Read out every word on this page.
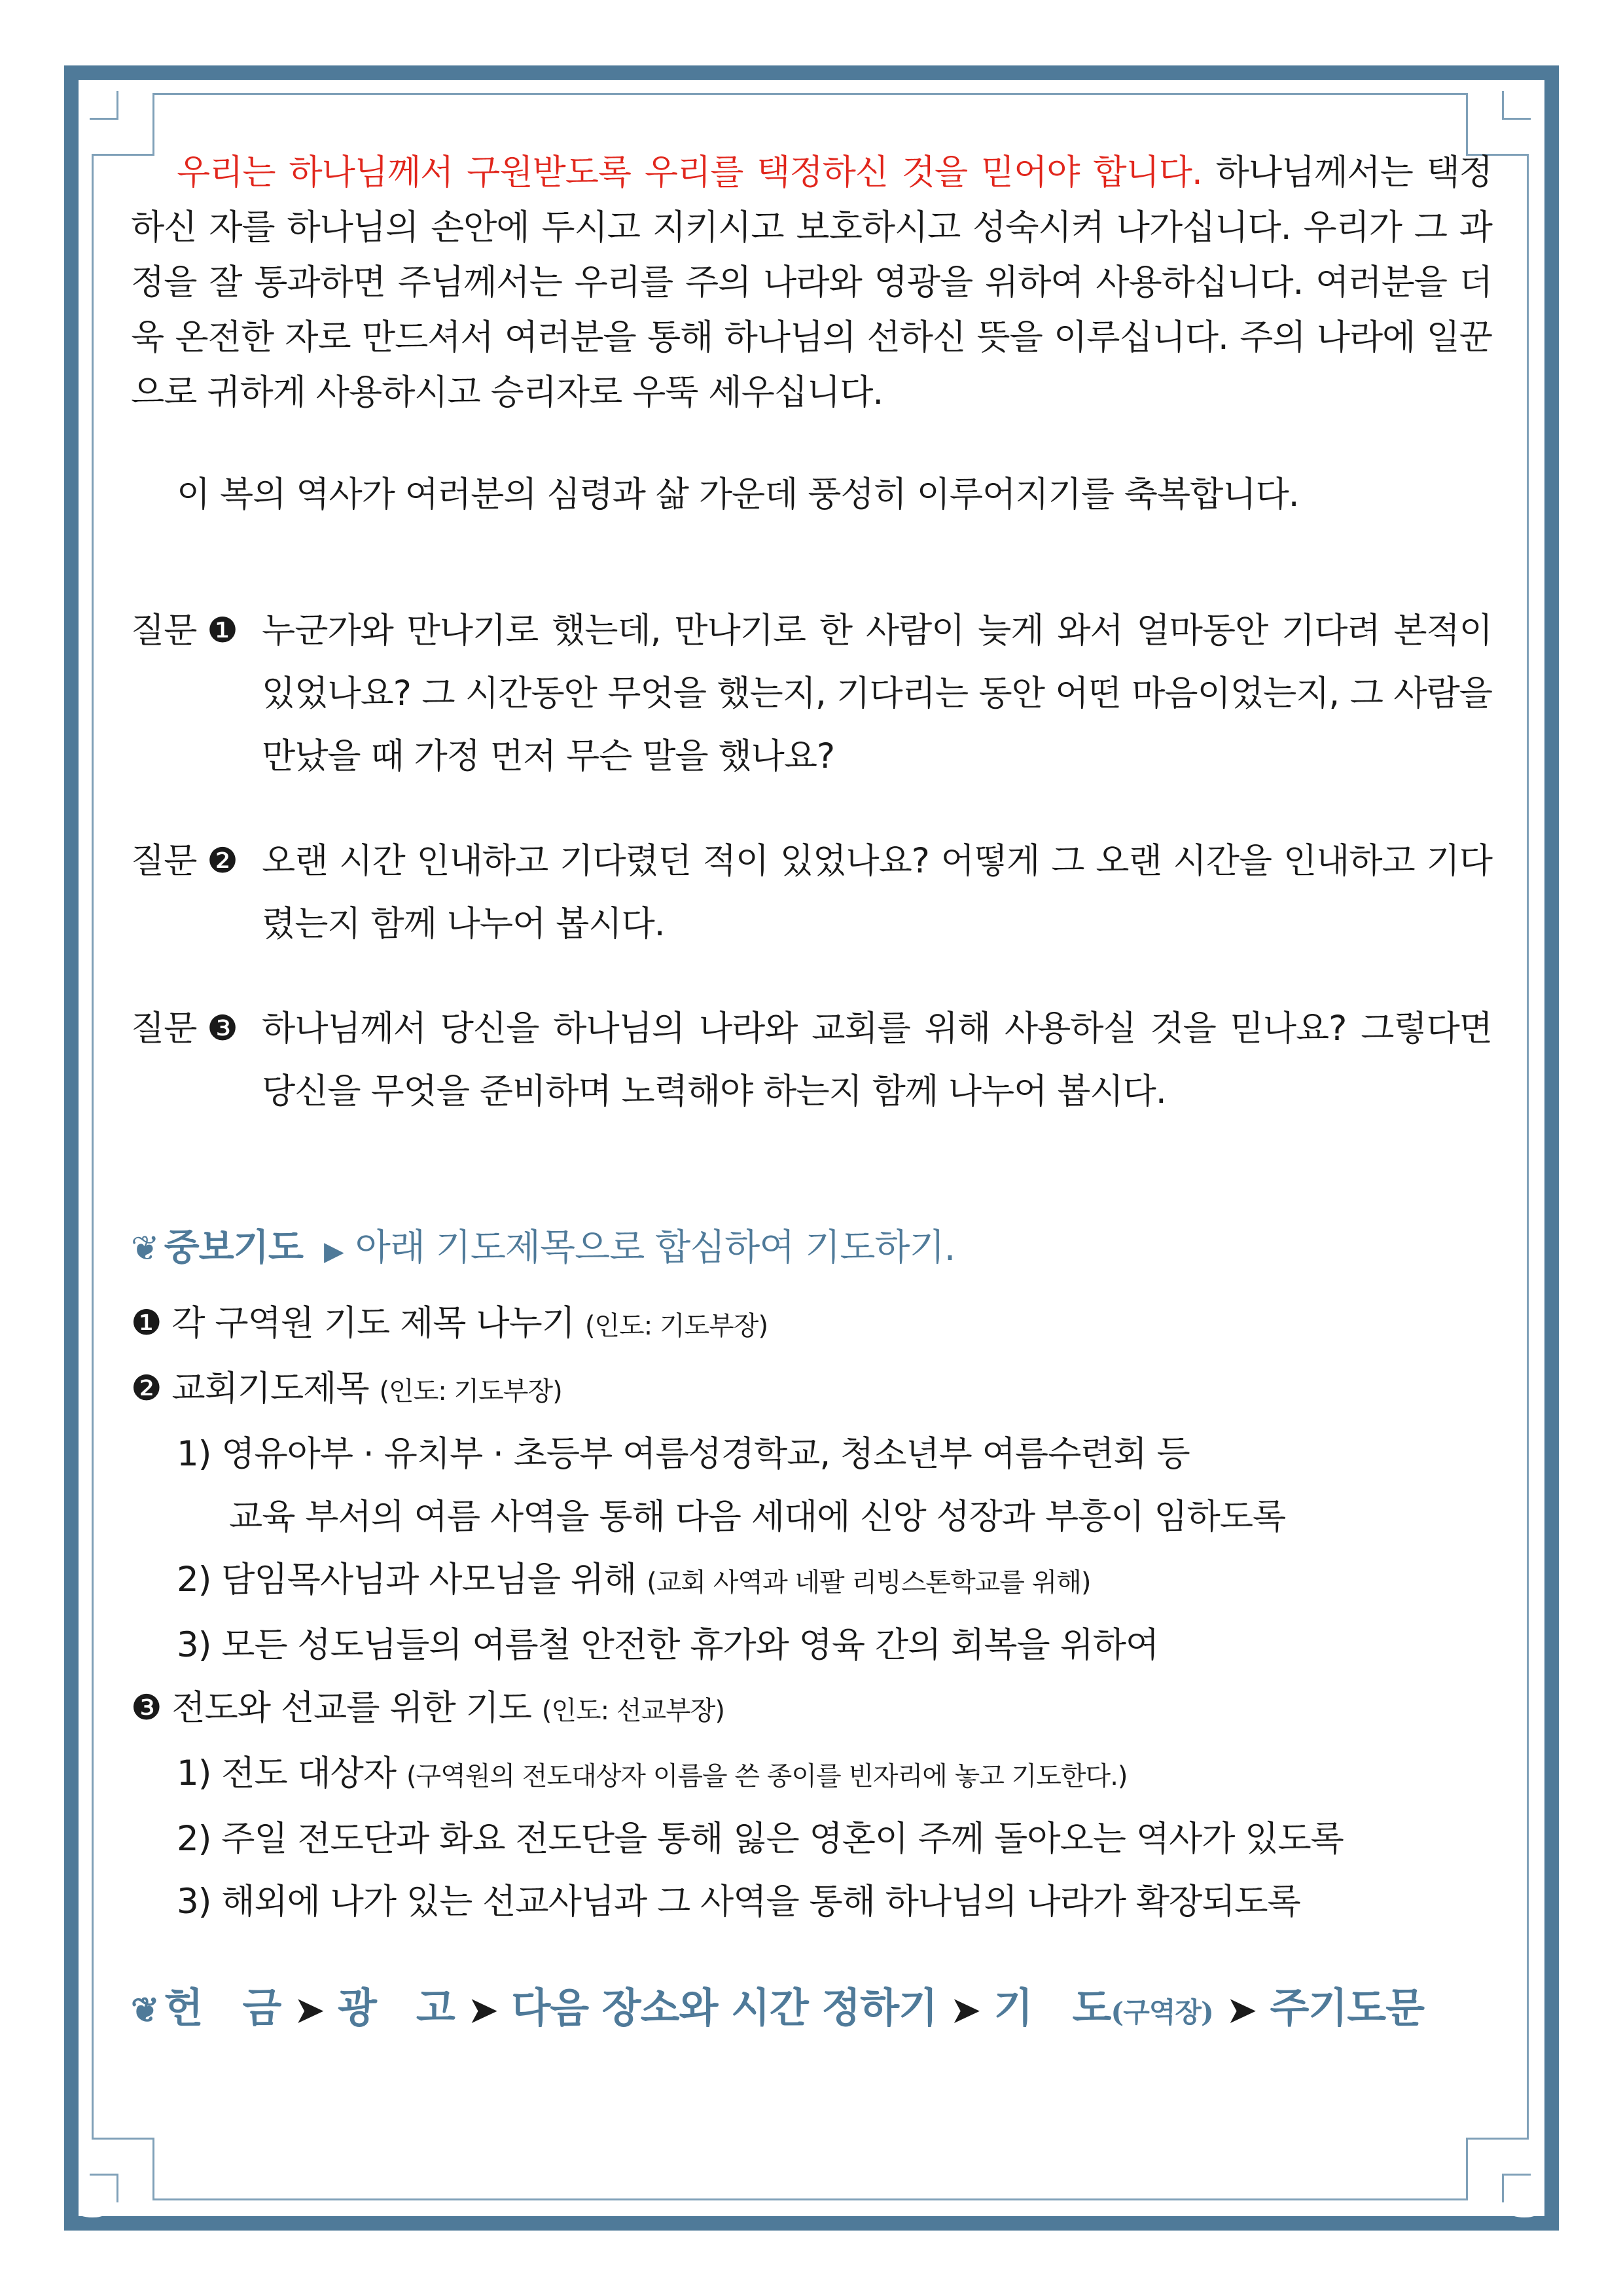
3	3

우리는 하나님께서 구원받도록 우리를 택정하신 것을 믿어야 합니다. 하나님께서는 택정하신 자를 하나님의 손안에 두시고 지키시고 보호하시고 성숙시켜 나가십니다. 우리가 그 과정을 잘 통과하면 주님께서는 우리를 주의 나라와 영광을 위하여 사용하십니다. 여러분을 더욱 온전한 자로 만드셔서 여러분을 통해 하나님의 선하신 뜻을 이루십니다. 주의 나라에 일꾼으로 귀하게 사용하시고 승리자로 우뚝 세우십니다.

이 복의 역사가 여러분의 심령과 삶 가운데 풍성히 이루어지기를 축복합니다.

질문 ❶ 누군가와 만나기로 했는데, 만나기로 한 사람이 늦게 와서 얼마동안 기다려 본적이 있었나요? 그 시간동안 무엇을 했는지, 기다리는 동안 어떤 마음이었는지, 그 사람을 만났을 때 가정 먼저 무슨 말을 했나요?
질문 ❷ 오랜 시간 인내하고 기다렸던 적이 있었나요? 어떻게 그 오랜 시간을 인내하고 기다렸는지 함께 나누어 봅시다.
질문 ❸ 하나님께서 당신을 하나님의 나라와 교회를 위해 사용하실 것을 믿나요? 그렇다면 당신을 무엇을 준비하며 노력해야 하는지 함께 나누어 봅시다.
❦ 중보기도 ▶ 아래 기도제목으로 합심하여 기도하기.
❶ 각 구역원 기도 제목 나누기 (인도: 기도부장)
❷ 교회기도제목 (인도: 기도부장)
1) 영유아부 · 유치부 · 초등부 여름성경학교, 청소년부 여름수련회 등
교육 부서의 여름 사역을 통해 다음 세대에 신앙 성장과 부흥이 임하도록
2) 담임목사님과 사모님을 위해 (교회 사역과 네팔 리빙스톤학교를 위해)
3) 모든 성도님들의 여름철 안전한 휴가와 영육 간의 회복을 위하여
❸ 전도와 선교를 위한 기도 (인도: 선교부장)
1) 전도 대상자 (구역원의 전도대상자 이름을 쓴 종이를 빈자리에 놓고 기도한다.)
2) 주일 전도단과 화요 전도단을 통해 잃은 영혼이 주께 돌아오는 역사가 있도록
3) 해외에 나가 있는 선교사님과 그 사역을 통해 하나님의 나라가 확장되도록
❦ 헌　금 ➤ 광　고 ➤ 다음 장소와 시간 정하기 ➤ 기　도(구역장) ➤ 주기도문
